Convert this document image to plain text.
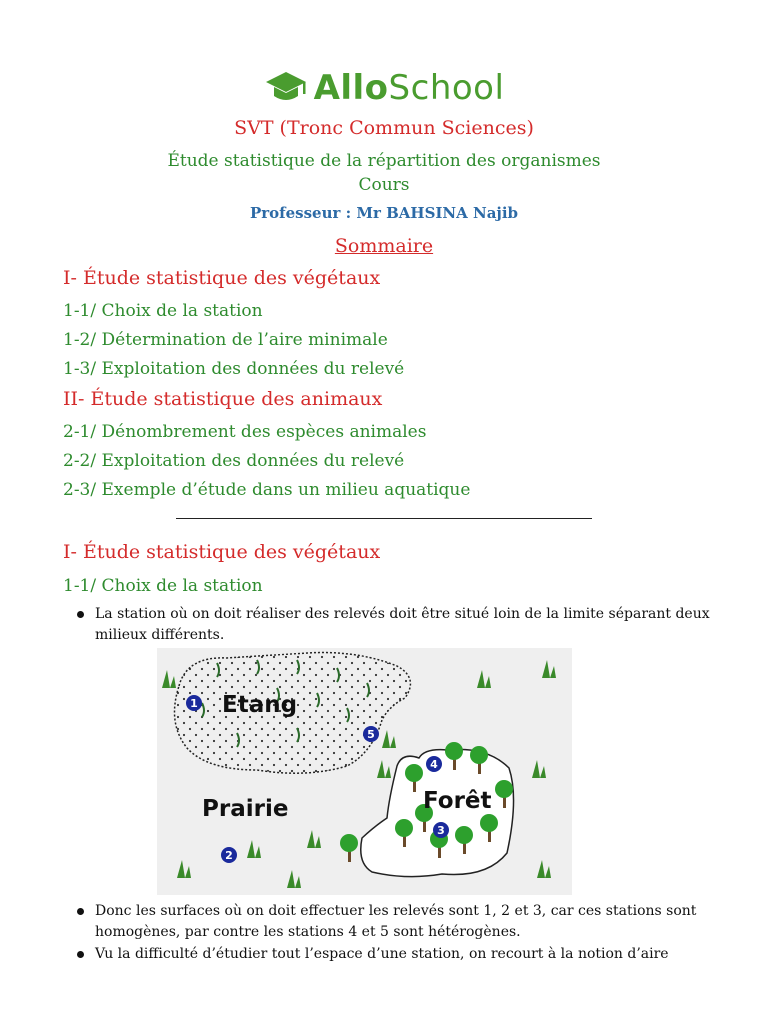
AlloSchool
SVT (Tronc Commun Sciences)
Étude statistique de la répartition des organismes
Cours
Professeur : Mr BAHSINA Najib
Sommaire
I- Étude statistique des végétaux
1-1/ Choix de la station
1-2/ Détermination de l’aire minimale
1-3/ Exploitation des données du relevé
II- Étude statistique des animaux
2-1/ Dénombrement des espèces animales
2-2/ Exploitation des données du relevé
2-3/ Exemple d’étude dans un milieu aquatique
I- Étude statistique des végétaux
1-1/ Choix de la station
La station où on doit réaliser des relevés doit être situé loin de la limite séparant deux
milieux différents.
1
2
3
4
5
Etang
Prairie	Forêt
Donc les surfaces où on doit effectuer les relevés sont 1, 2 et 3, car ces stations sont
homogènes, par contre les stations 4 et 5 sont hétérogènes.
Vu la difficulté d’étudier tout l’espace d’une station, on recourt à la notion d’aire
